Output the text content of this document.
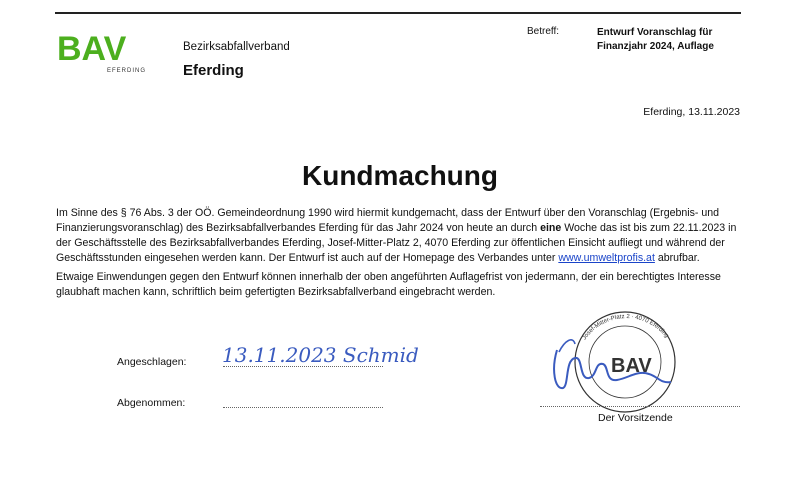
BAV
EFERDING
Bezirksabfallverband
Eferding
Betreff:	Entwurf Voranschlag für
Finanzjahr 2024, Auflage
Eferding, 13.11.2023
Kundmachung
Im Sinne des § 76 Abs. 3 der OÖ. Gemeindeordnung 1990 wird hiermit kundgemacht, dass der Entwurf über den Voranschlag (Ergebnis- und Finanzierungsvoranschlag) des Bezirksabfallverbandes Eferding für das Jahr 2024 von heute an durch eine Woche das ist bis zum 22.11.2023 in der Geschäftsstelle des Bezirksabfallverbandes Eferding, Josef-Mitter-Platz 2, 4070 Eferding zur öffentlichen Einsicht aufliegt und während der Geschäftsstunden eingesehen werden kann. Der Entwurf ist auch auf der Homepage des Verbandes unter www.umweltprofis.at abrufbar.
Etwaige Einwendungen gegen den Entwurf können innerhalb der oben angeführten Auflagefrist von jedermann, der ein berechtigtes Interesse glaubhaft machen kann, schriftlich beim gefertigten Bezirksabfallverband eingebracht werden.
Angeschlagen: 13.11.2023 Schmid
Abgenommen:
BAV
Josef-Mitter-Platz 2 · 4070 Eferding
Der Vorsitzende
